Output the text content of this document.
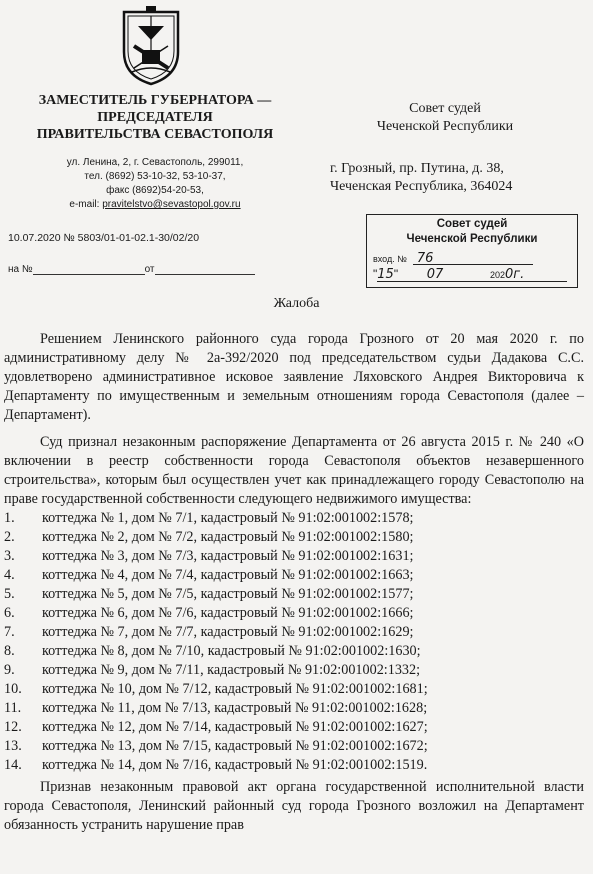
ЗАМЕСТИТЕЛЬ ГУБЕРНАТОРА —
ПРЕДСЕДАТЕЛЯ
ПРАВИТЕЛЬСТВА СЕВАСТОПОЛЯ
ул. Ленина, 2, г. Севастополь, 299011,
тел. (8692) 53-10-32, 53-10-37,
факс (8692)54-20-53,
e-mail: pravitelstvo@sevastopol.gov.ru
10.07.2020 № 5803/01-01-02.1-30/02/20
на №	от
Совет судей
Чеченской Республики
г. Грозный, пр. Путина, д. 38,
Чеченская Республика, 364024
Совет судей
Чеченской Республики
вход. № 76
"15" 07	2020г.
Жалоба

Решением Ленинского районного суда города Грозного от 20 мая 2020 г. по административному делу № 2а-392/2020 под председательством судьи Дадакова С.С. удовлетворено административное исковое заявление Ляховского Андрея Викторовича к Департаменту по имущественным и земельным отношениям города Севастополя (далее – Департамент).

Суд признал незаконным распоряжение Департамента от 26 августа 2015 г. № 240 «О включении в реестр собственности города Севастополя объектов незавершенного строительства», которым был осуществлен учет как принадлежащего городу Севастополю на праве государственной собственности следующего недвижимого имущества:

1.	коттеджа № 1, дом № 7/1, кадастровый № 91:02:001002:1578;
2.	коттеджа № 2, дом № 7/2, кадастровый № 91:02:001002:1580;
3.	коттеджа № 3, дом № 7/3, кадастровый № 91:02:001002:1631;
4.	коттеджа № 4, дом № 7/4, кадастровый № 91:02:001002:1663;
5.	коттеджа № 5, дом № 7/5, кадастровый № 91:02:001002:1577;
6.	коттеджа № 6, дом № 7/6, кадастровый № 91:02:001002:1666;
7.	коттеджа № 7, дом № 7/7, кадастровый № 91:02:001002:1629;
8.	коттеджа № 8, дом № 7/10, кадастровый № 91:02:001002:1630;
9.	коттеджа № 9, дом № 7/11, кадастровый № 91:02:001002:1332;
10.	коттеджа № 10, дом № 7/12, кадастровый № 91:02:001002:1681;
11.	коттеджа № 11, дом № 7/13, кадастровый № 91:02:001002:1628;
12.	коттеджа № 12, дом № 7/14, кадастровый № 91:02:001002:1627;
13.	коттеджа № 13, дом № 7/15, кадастровый № 91:02:001002:1672;
14.	коттеджа № 14, дом № 7/16, кадастровый № 91:02:001002:1519.

Признав незаконным правовой акт органа государственной исполнительной власти города Севастополя, Ленинский районный суд города Грозного возложил на Департамент обязанность устранить нарушение прав
